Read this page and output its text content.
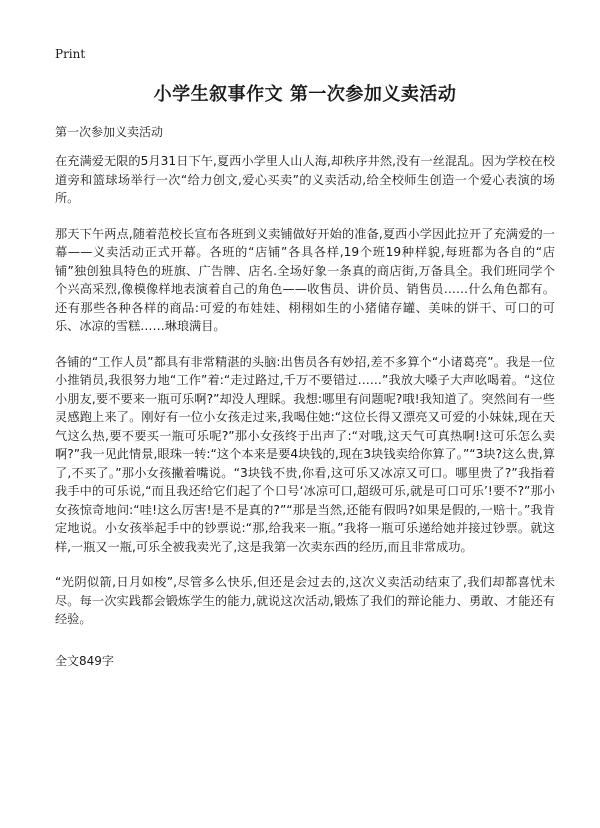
Print
小学生叙事作文 第一次参加义卖活动
第一次参加义卖活动

在充满爱无限的5月31日下午,夏西小学里人山人海,却秩序井然,没有一丝混乱。因为学校在校道旁和篮球场举行一次“给力创文,爱心买卖”的义卖活动,给全校师生创造一个爱心表演的场所。

那天下午两点,随着范校长宣布各班到义卖铺做好开始的准备,夏西小学因此拉开了充满爱的一幕——义卖活动正式开幕。各班的“店铺”各具各样,19个班19种样貌,每班都为各自的“店铺”独创独具特色的班旗、广告牌、店名.全场好象一条真的商店街,万备具全。我们班同学个个兴高采烈,像模像样地表演着自己的角色——收售员、讲价员、销售员……什么角色都有。还有那些各种各样的商品:可爱的布娃娃、栩栩如生的小猪储存罐、美味的饼干、可口的可乐、冰凉的雪糕……琳琅满目。

各铺的“工作人员”都具有非常精湛的头脑:出售员各有妙招,差不多算个“小诸葛亮”。我是一位小推销员,我很努力地“工作”着:“走过路过,千万不要错过……”我放大嗓子大声吆喝着。“这位小朋友,要不要来一瓶可乐啊?”却没人理睬。我想:哪里有问题呢?哦!我知道了。突然间有一些灵感跑上来了。刚好有一位小女孩走过来,我喝住她:“这位长得又漂亮又可爱的小妹妹,现在天气这么热,要不要买一瓶可乐呢?”那小女孩终于出声了:“对哦,这天气可真热啊!这可乐怎么卖啊?”我一见此情景,眼珠一转:“这个本来是要4块钱的,现在3块钱卖给你算了。”“3块?这么贵,算了,不买了。”那小女孩撇着嘴说。“3块钱不贵,你看,这可乐又冰凉又可口。哪里贵了?”我指着我手中的可乐说,“而且我还给它们起了个口号‘冰凉可口,超级可乐,就是可口可乐’!要不?”那小女孩惊奇地问:“哇!这么厉害!是不是真的?”“那是当然,还能有假吗?如果是假的,一赔十。”我肯定地说。小女孩举起手中的钞票说:“那,给我来一瓶。”我将一瓶可乐递给她并接过钞票。就这样,一瓶又一瓶,可乐全被我卖光了,这是我第一次卖东西的经历,而且非常成功。

“光阴似箭,日月如梭”,尽管多么快乐,但还是会过去的,这次义卖活动结束了,我们却都喜忧未尽。每一次实践都会锻炼学生的能力,就说这次活动,锻炼了我们的辩论能力、勇敢、才能还有经验。

全文849字
